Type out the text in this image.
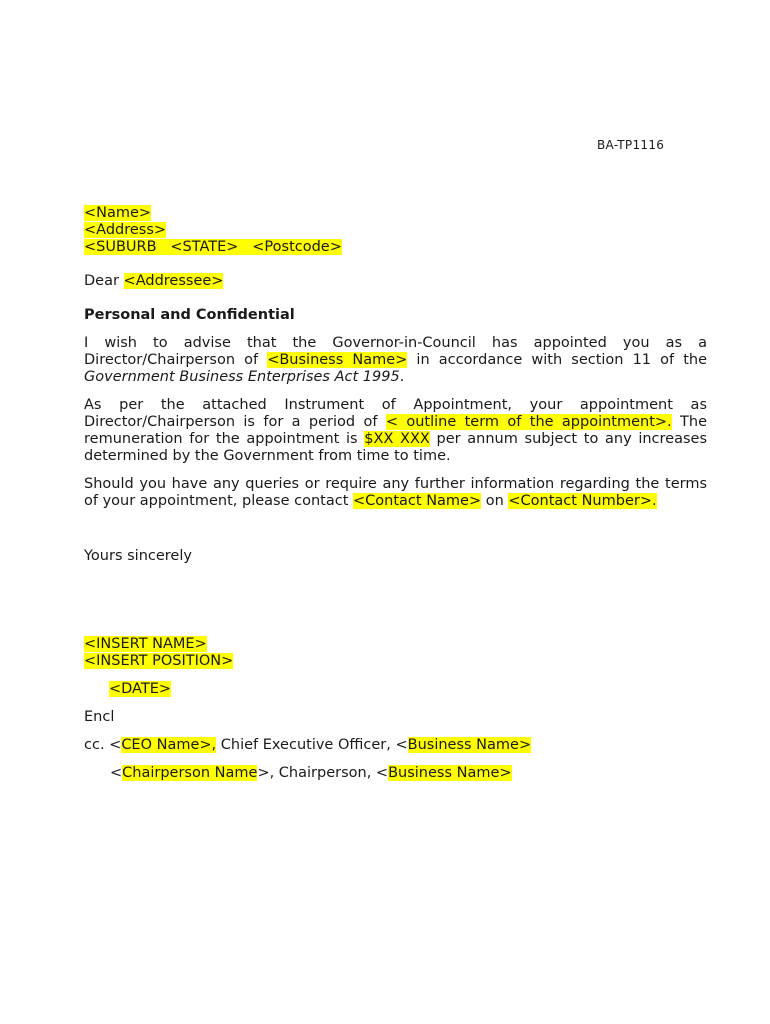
BA-TP1116
<Name>
<Address>
<SUBURB <STATE> <Postcode>
Dear <Addressee>
Personal and Confidential
I wish to advise that the Governor-in-Council has appointed you as a Director/Chairperson of <Business Name> in accordance with section 11 of the Government Business Enterprises Act 1995.
As per the attached Instrument of Appointment, your appointment as Director/Chairperson is for a period of < outline term of the appointment>. The remuneration for the appointment is $XX XXX per annum subject to any increases determined by the Government from time to time.
Should you have any queries or require any further information regarding the terms of your appointment, please contact <Contact Name> on <Contact Number>.
Yours sincerely
<INSERT NAME>
<INSERT POSITION>
<DATE>
Encl
cc. <CEO Name>, Chief Executive Officer, <Business Name>
<Chairperson Name>, Chairperson, <Business Name>
